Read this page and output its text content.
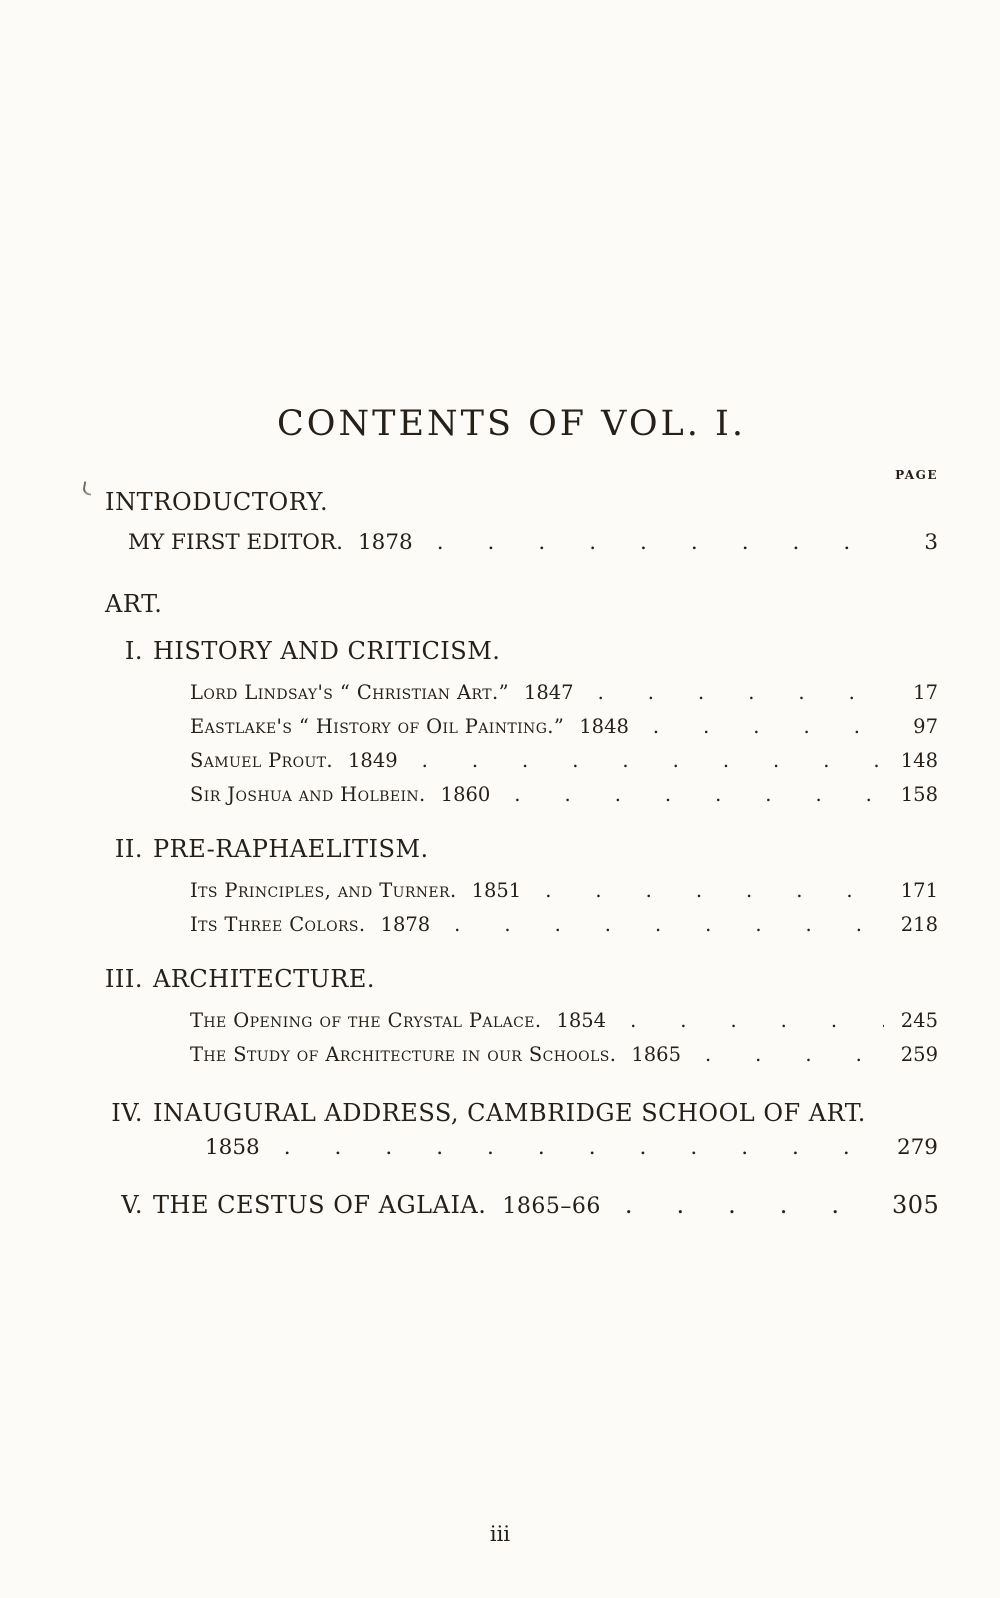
CONTENTS OF VOL. I.
PAGE
INTRODUCTORY.
MY FIRST EDITOR. 1878 .....	3
ART.
I. HISTORY AND CRITICISM.
Lord Lindsay's “ Christian Art.” 1847 .....	17
Eastlake's “ History of Oil Painting.” 1848 .....	97
Samuel Prout. 1849 .....	148
Sir Joshua and Holbein. 1860 .....	158
II. PRE-RAPHAELITISM.
Its Principles, and Turner. 1851 .....	171
Its Three Colors. 1878 .....	218
III. ARCHITECTURE.
The Opening of the Crystal Palace. 1854 .....	245
The Study of Architecture in our Schools. 1865 .....	259
IV. INAUGURAL ADDRESS, CAMBRIDGE SCHOOL OF ART.
1858 .....	279
V. THE CESTUS OF AGLAIA. 1865–66 .....	305
iii
